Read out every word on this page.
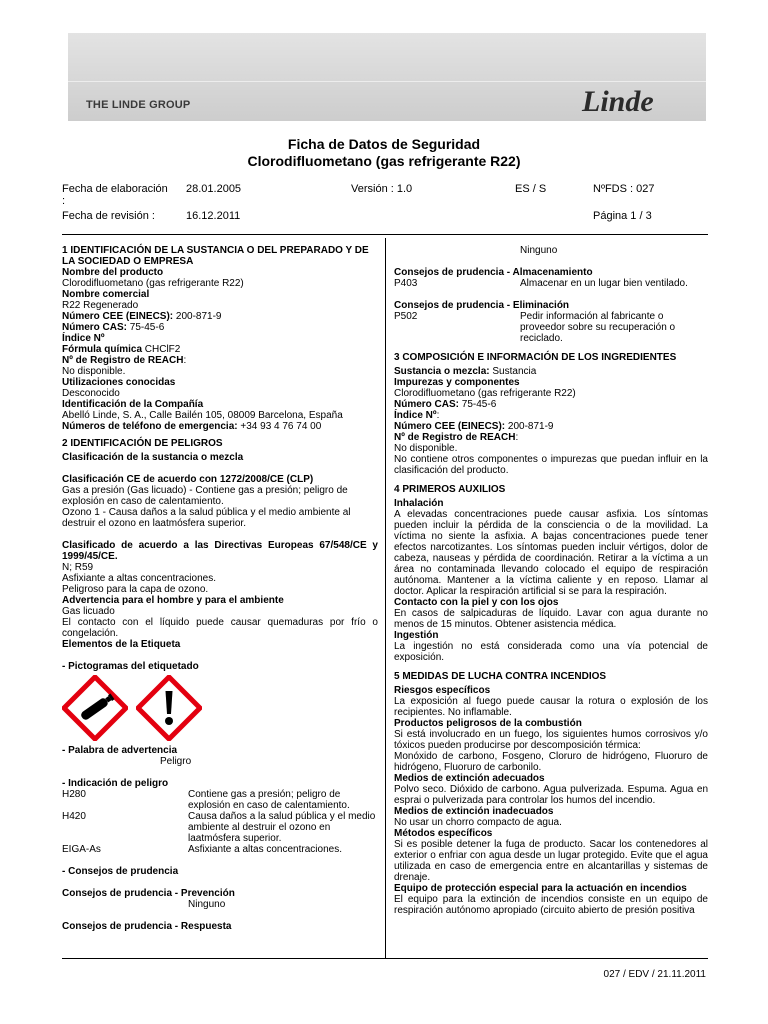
THE LINDE GROUP	Linde
Ficha de Datos de Seguridad
Clorodifluometano (gas refrigerante R22)
Fecha de elaboración
:
28.01.2005	Versión : 1.0	ES / S	NºFDS : 027
Fecha de revisión :	16.12.2011	Página 1 / 3

1 IDENTIFICACIÓN DE LA SUSTANCIA O DEL PREPARADO Y DE LA SOCIEDAD O EMPRESA

Nombre del producto

Clorodifluometano (gas refrigerante R22)

Nombre comercial

R22 Regenerado

Número CEE (EINECS): 200-871-9

Número CAS: 75-45-6

Índice Nº

Fórmula química CHClF2

Nº de Registro de REACH:

No disponible.

Utilizaciones conocidas

Desconocido

Identificación de la Compañía

Abelló Linde, S. A., Calle Bailén 105, 08009 Barcelona, España

Números de teléfono de emergencia: +34 93 4 76 74 00

2 IDENTIFICACIÓN DE PELIGROS

Clasificación de la sustancia o mezcla

Clasificación CE de acuerdo con 1272/2008/CE (CLP)

Gas a presión (Gas licuado) - Contiene gas a presión; peligro de explosión en caso de calentamiento.

Ozono 1 - Causa daños a la salud pública y el medio ambiente al destruir el ozono en laatmósfera superior.

Clasificado de acuerdo a las Directivas Europeas 67/548/CE y 1999/45/CE.

N; R59

Asfixiante a altas concentraciones.

Peligroso para la capa de ozono.

Advertencia para el hombre y para el ambiente

Gas licuado

El contacto con el líquido puede causar quemaduras por frío o congelación.

Elementos de la Etiqueta

- Pictogramas del etiquetado

- Palabra de advertencia

Peligro

- Indicación de peligro

H280	Contiene gas a presión; peligro de explosión en caso de calentamiento.
H420	Causa daños a la salud pública y el medio ambiente al destruir el ozono en laatmósfera superior.
EIGA-As	Asfixiante a altas concentraciones.

- Consejos de prudencia

Consejos de prudencia - Prevención

Ninguno

Consejos de prudencia - Respuesta

Ninguno

Consejos de prudencia - Almacenamiento

P403	Almacenar en un lugar bien ventilado.

Consejos de prudencia - Eliminación

P502	Pedir información al fabricante o proveedor sobre su recuperación o reciclado.

3 COMPOSICIÓN E INFORMACIÓN DE LOS INGREDIENTES

Sustancia o mezcla: Sustancia

Impurezas y componentes

Clorodifluometano (gas refrigerante R22)

Número CAS: 75-45-6

Índice Nº:

Número CEE (EINECS): 200-871-9

Nº de Registro de REACH:

No disponible.

No contiene otros componentes o impurezas que puedan influir en la clasificación del producto.

4 PRIMEROS AUXILIOS

Inhalación

A elevadas concentraciones puede causar asfixia. Los síntomas pueden incluir la pérdida de la consciencia o de la movilidad. La víctima no siente la asfixia. A bajas concentraciones puede tener efectos narcotizantes. Los síntomas pueden incluir vértigos, dolor de cabeza, nauseas y pérdida de coordinación. Retirar a la víctima a un área no contaminada llevando colocado el equipo de respiración autónoma. Mantener a la víctima caliente y en reposo. Llamar al doctor. Aplicar la respiración artificial si se para la respiración.

Contacto con la piel y con los ojos

En casos de salpicaduras de líquido. Lavar con agua durante no menos de 15 minutos. Obtener asistencia médica.

Ingestión

La ingestión no está considerada como una vía potencial de exposición.

5 MEDIDAS DE LUCHA CONTRA INCENDIOS

Riesgos específicos

La exposición al fuego puede causar la rotura o explosión de los recipientes. No inflamable.

Productos peligrosos de la combustión

Si está involucrado en un fuego, los siguientes humos corrosivos y/o tóxicos pueden producirse por descomposición térmica:

Monóxido de carbono, Fosgeno, Cloruro de hidrógeno, Fluoruro de hidrógeno, Fluoruro de carbonilo.

Medios de extinción adecuados

Polvo seco. Dióxido de carbono. Agua pulverizada. Espuma. Agua en esprai o pulverizada para controlar los humos del incendio.

Medios de extinción inadecuados

No usar un chorro compacto de agua.

Métodos específicos

Si es posible detener la fuga de producto. Sacar los contenedores al exterior o enfriar con agua desde un lugar protegido. Evite que el agua utilizada en caso de emergencia entre en alcantarillas y sistemas de drenaje.

Equipo de protección especial para la actuación en incendios

El equipo para la extinción de incendios consiste en un equipo de respiración autónomo apropiado (circuito abierto de presión positiva

027 / EDV / 21.11.2011
